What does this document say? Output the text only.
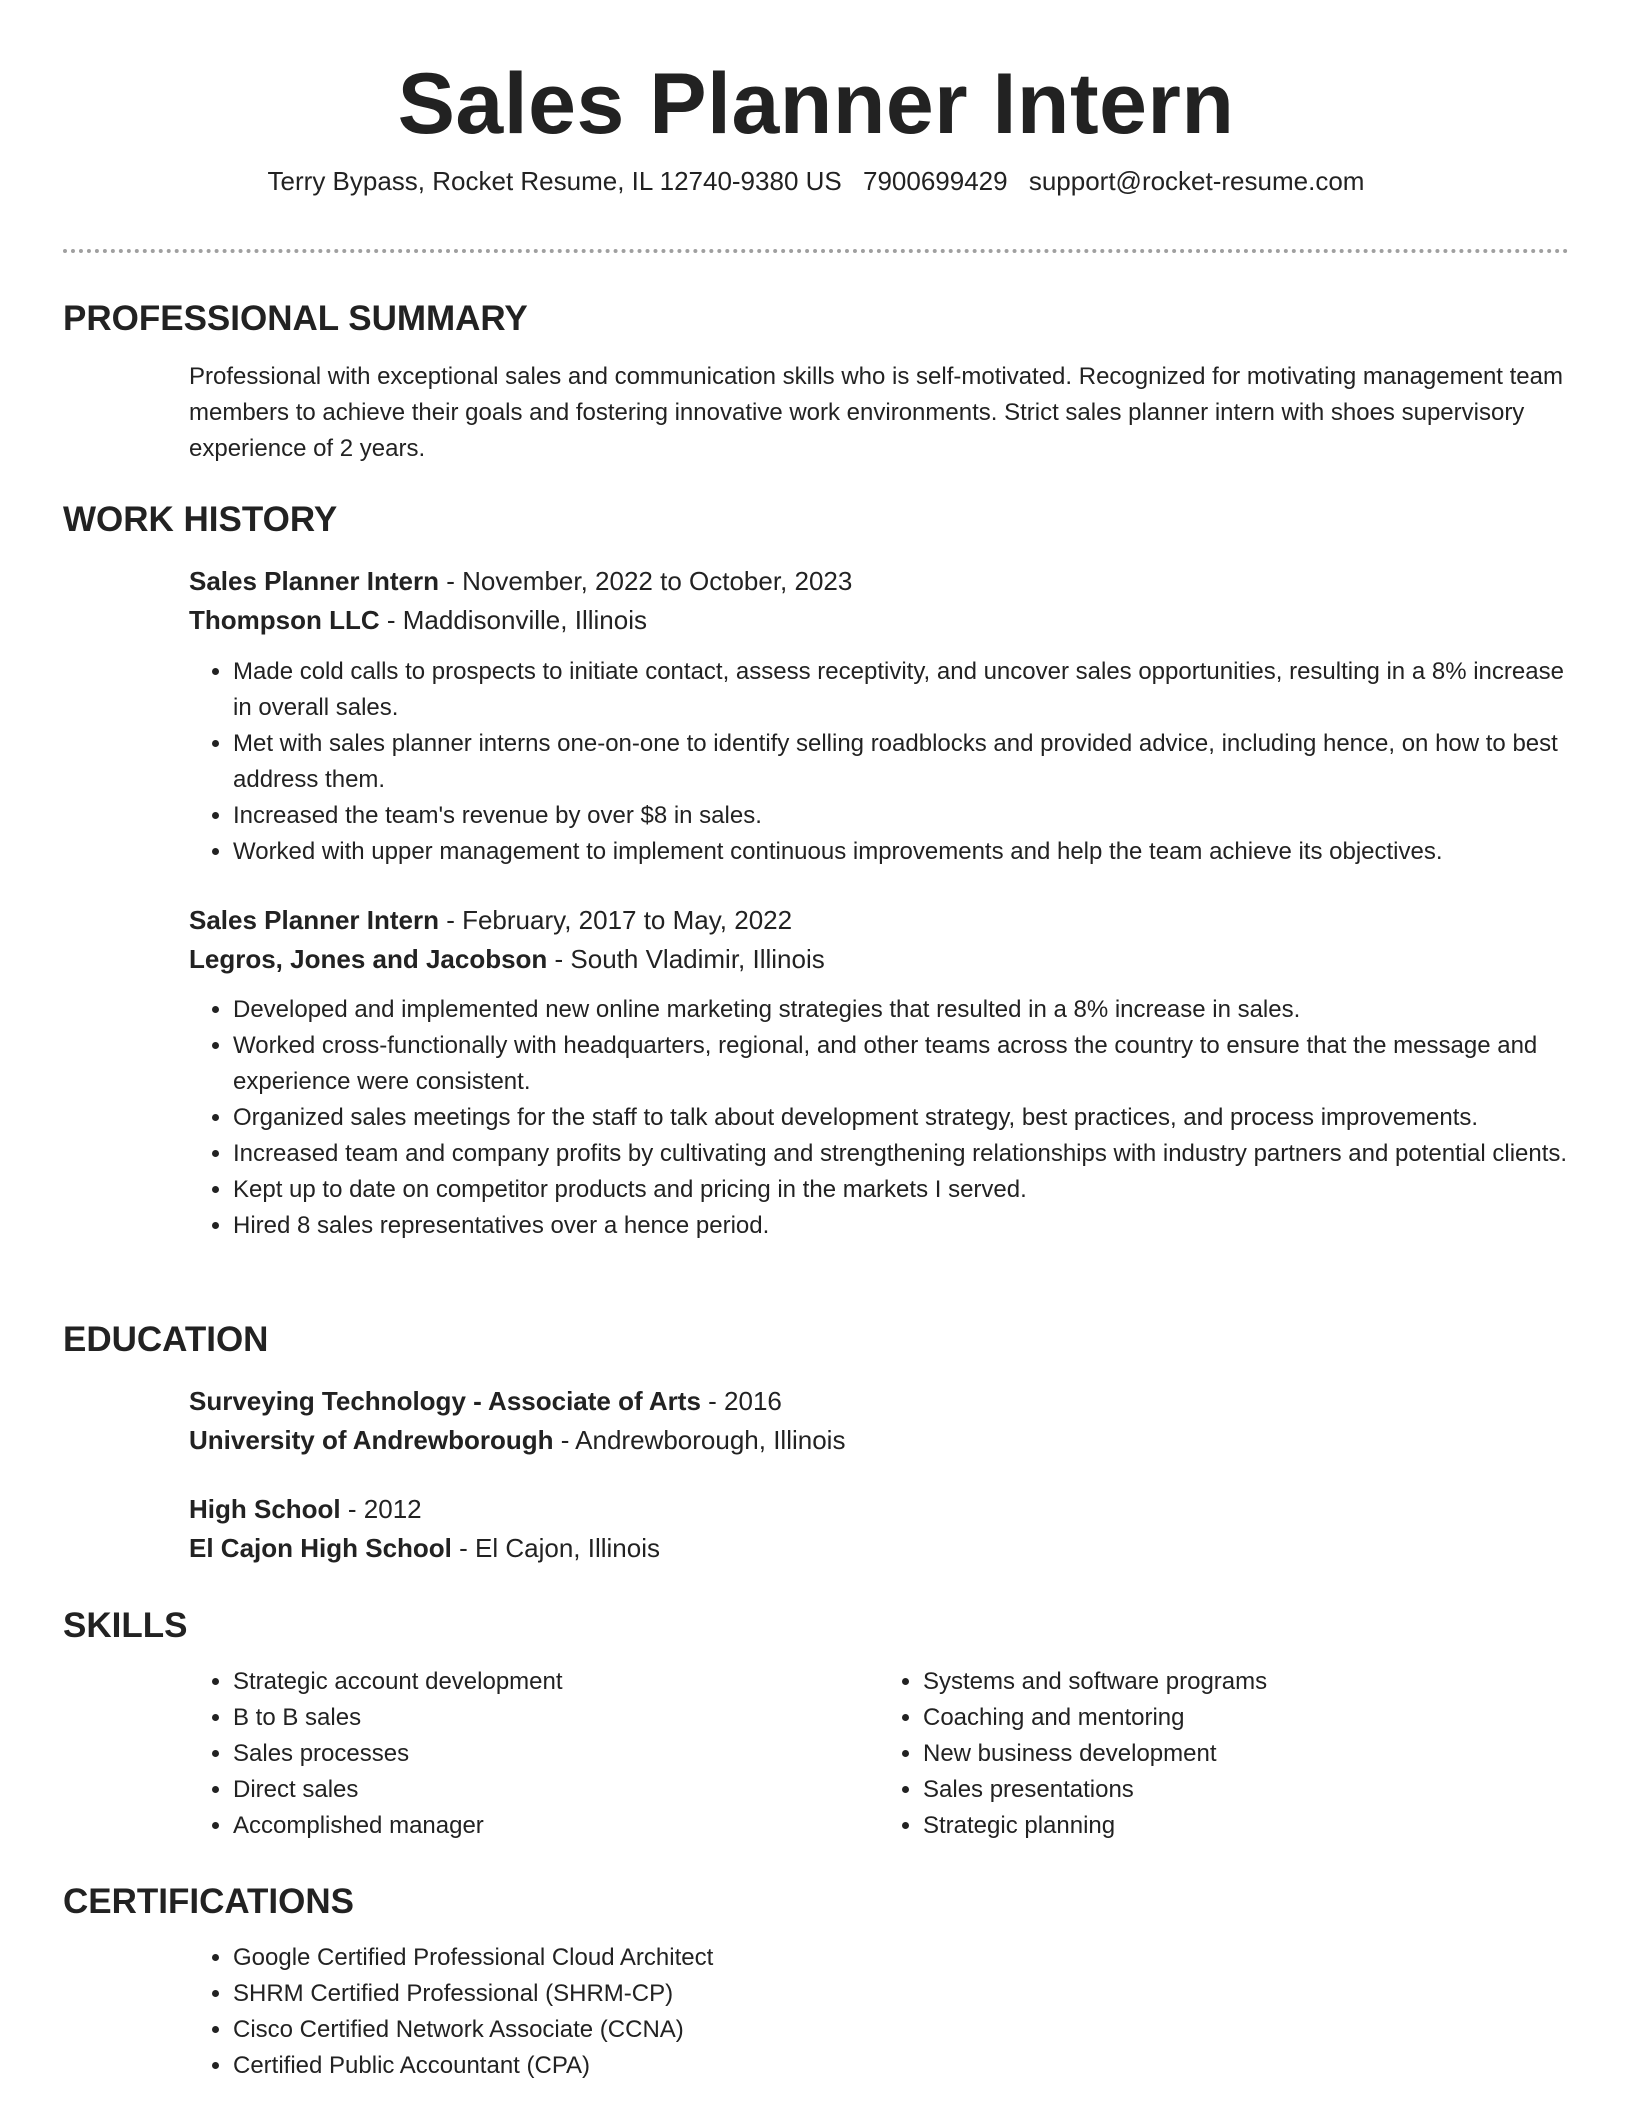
Sales Planner Intern
Terry Bypass, Rocket Resume, IL 12740-9380 US 7900699429 support@rocket-resume.com
PROFESSIONAL SUMMARY

Professional with exceptional sales and communication skills who is self-motivated. Recognized for motivating management team members to achieve their goals and fostering innovative work environments. Strict sales planner intern with shoes supervisory experience of 2 years.

WORK HISTORY

Sales Planner Intern - November, 2022 to October, 2023

Thompson LLC - Maddisonville, Illinois

• Made cold calls to prospects to initiate contact, assess receptivity, and uncover sales opportunities, resulting in a 8% increase in overall sales.
• Met with sales planner interns one-on-one to identify selling roadblocks and provided advice, including hence, on how to best address them.
• Increased the team's revenue by over $8 in sales.
• Worked with upper management to implement continuous improvements and help the team achieve its objectives.

Sales Planner Intern - February, 2017 to May, 2022

Legros, Jones and Jacobson - South Vladimir, Illinois

• Developed and implemented new online marketing strategies that resulted in a 8% increase in sales.
• Worked cross-functionally with headquarters, regional, and other teams across the country to ensure that the message and experience were consistent.
• Organized sales meetings for the staff to talk about development strategy, best practices, and process improvements.
• Increased team and company profits by cultivating and strengthening relationships with industry partners and potential clients.
• Kept up to date on competitor products and pricing in the markets I served.
• Hired 8 sales representatives over a hence period.
EDUCATION

Surveying Technology - Associate of Arts - 2016

University of Andrewborough - Andrewborough, Illinois

High School - 2012

El Cajon High School - El Cajon, Illinois

SKILLS
• Strategic account development
• B to B sales
• Sales processes
• Direct sales
• Accomplished manager
• Systems and software programs
• Coaching and mentoring
• New business development
• Sales presentations
• Strategic planning
CERTIFICATIONS
• Google Certified Professional Cloud Architect
• SHRM Certified Professional (SHRM-CP)
• Cisco Certified Network Associate (CCNA)
• Certified Public Accountant (CPA)
